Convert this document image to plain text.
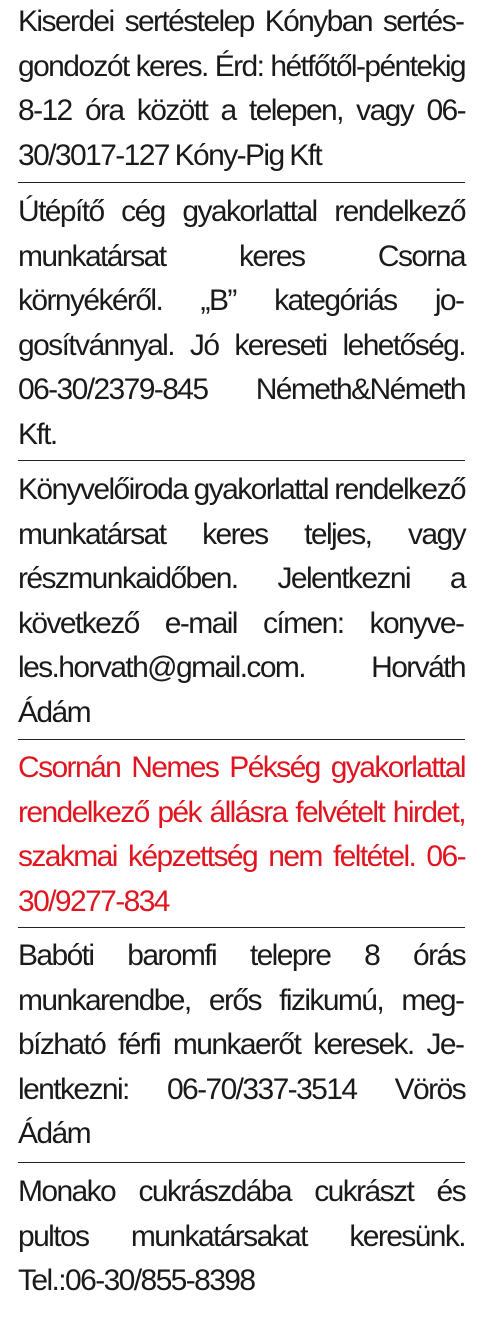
Kiserdei sertéstelep Kónyban sertésgondozót keres. Érd: hétfőtől-péntekig 8-12 óra között a telepen, vagy 06-30/3017-127 Kóny-Pig Kft

Útépítő cég gyakorlattal rendelkező munkatársat keres Csorna környékéről. „B” kategóriás jogosítvánnyal. Jó kereseti lehetőség. 06-30/2379-845 Németh&Németh Kft.

Könyvelőiroda gyakorlattal rendelkező munkatársat keres teljes, vagy részmunkaidőben. Jelentkezni a következő e-mail címen: konyveles.horvath@gmail.com. Horváth Ádám

Csornán Nemes Pékség gyakorlattal rendelkező pék állásra felvételt hirdet, szakmai képzettség nem feltétel. 06-30/9277-834

Babóti baromfi telepre 8 órás munkarendbe, erős fizikumú, megbízható férfi munkaerőt keresek. Jelentkezni: 06-70/337-3514 Vörös Ádám

Monako cukrászdába cukrászt és pultos munkatársakat keresünk. Tel.:06-30/855-8398
